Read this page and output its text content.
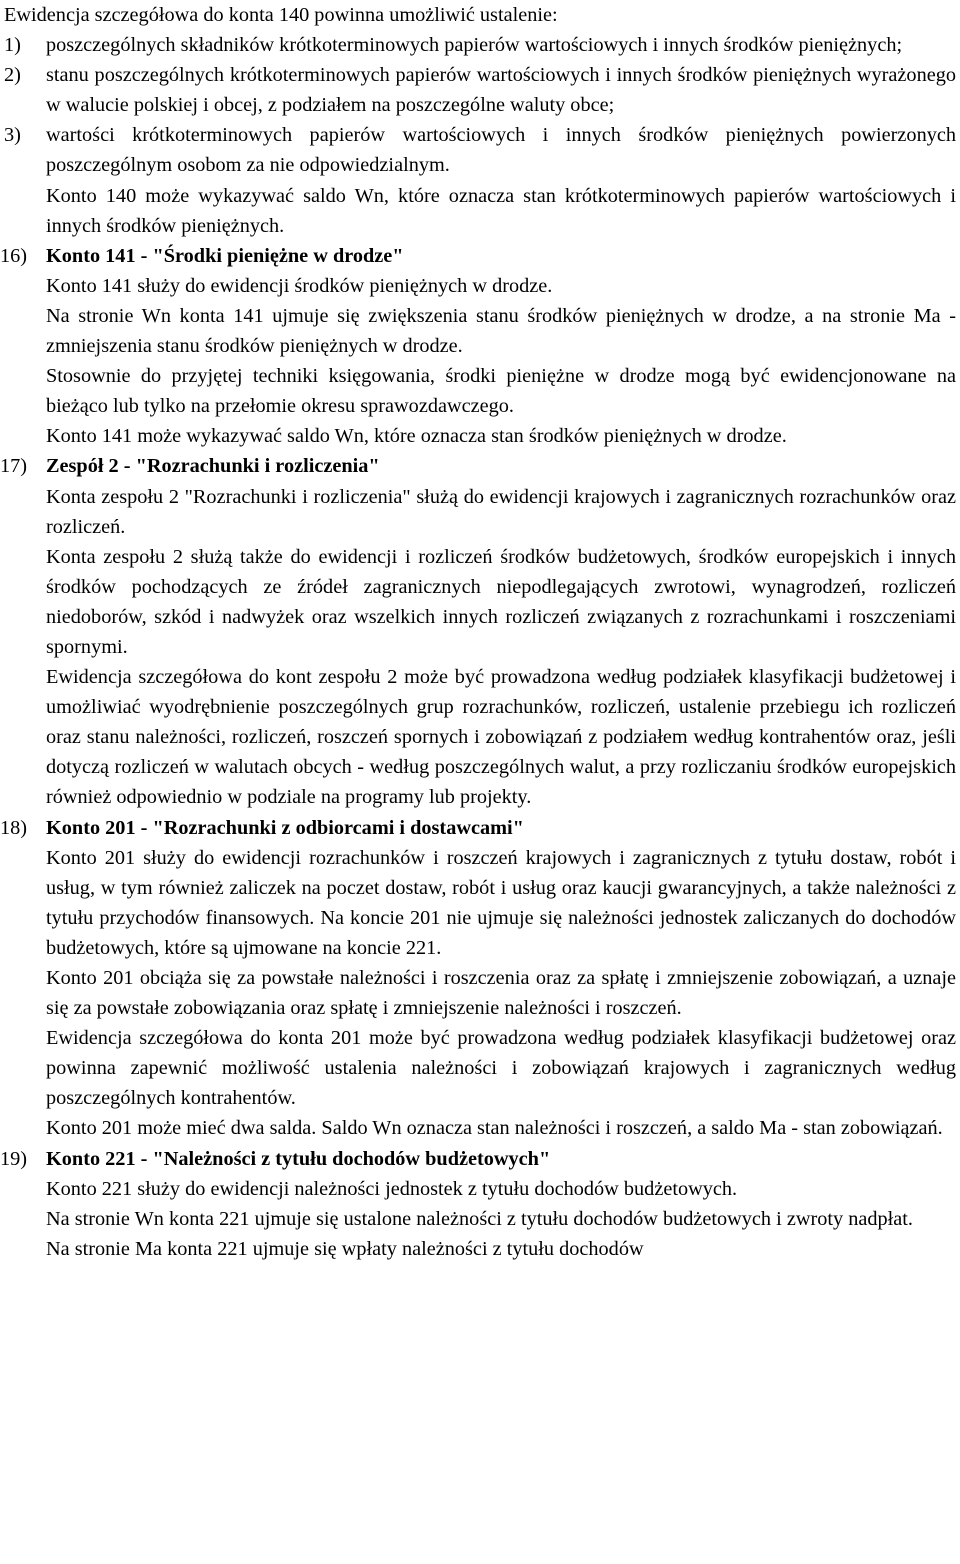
Ewidencja szczegółowa do konta 140 powinna umożliwić ustalenie:

1) poszczególnych składników krótkoterminowych papierów wartościowych i innych środków pieniężnych;

2) stanu poszczególnych krótkoterminowych papierów wartościowych i innych środków pieniężnych wyrażonego w walucie polskiej i obcej, z podziałem na poszczególne waluty obce;

3) wartości krótkoterminowych papierów wartościowych i innych środków pieniężnych powierzonych poszczególnym osobom za nie odpowiedzialnym.

Konto 140 może wykazywać saldo Wn, które oznacza stan krótkoterminowych papierów wartościowych i innych środków pieniężnych.

16) Konto 141 - "Środki pieniężne w drodze"

Konto 141 służy do ewidencji środków pieniężnych w drodze.

Na stronie Wn konta 141 ujmuje się zwiększenia stanu środków pieniężnych w drodze, a na stronie Ma - zmniejszenia stanu środków pieniężnych w drodze.

Stosownie do przyjętej techniki księgowania, środki pieniężne w drodze mogą być ewidencjonowane na bieżąco lub tylko na przełomie okresu sprawozdawczego.

Konto 141 może wykazywać saldo Wn, które oznacza stan środków pieniężnych w drodze.

17) Zespół 2 - "Rozrachunki i rozliczenia"

Konta zespołu 2 "Rozrachunki i rozliczenia" służą do ewidencji krajowych i zagranicznych rozrachunków oraz rozliczeń.

Konta zespołu 2 służą także do ewidencji i rozliczeń środków budżetowych, środków europejskich i innych środków pochodzących ze źródeł zagranicznych niepodlegających zwrotowi, wynagrodzeń, rozliczeń niedoborów, szkód i nadwyżek oraz wszelkich innych rozliczeń związanych z rozrachunkami i roszczeniami spornymi.

Ewidencja szczegółowa do kont zespołu 2 może być prowadzona według podziałek klasyfikacji budżetowej i umożliwiać wyodrębnienie poszczególnych grup rozrachunków, rozliczeń, ustalenie przebiegu ich rozliczeń oraz stanu należności, rozliczeń, roszczeń spornych i zobowiązań z podziałem według kontrahentów oraz, jeśli dotyczą rozliczeń w walutach obcych - według poszczególnych walut, a przy rozliczaniu środków europejskich również odpowiednio w podziale na programy lub projekty.

18) Konto 201 - "Rozrachunki z odbiorcami i dostawcami"

Konto 201 służy do ewidencji rozrachunków i roszczeń krajowych i zagranicznych z tytułu dostaw, robót i usług, w tym również zaliczek na poczet dostaw, robót i usług oraz kaucji gwarancyjnych, a także należności z tytułu przychodów finansowych. Na koncie 201 nie ujmuje się należności jednostek zaliczanych do dochodów budżetowych, które są ujmowane na koncie 221.

Konto 201 obciąża się za powstałe należności i roszczenia oraz za spłatę i zmniejszenie zobowiązań, a uznaje się za powstałe zobowiązania oraz spłatę i zmniejszenie należności i roszczeń.

Ewidencja szczegółowa do konta 201 może być prowadzona według podziałek klasyfikacji budżetowej oraz powinna zapewnić możliwość ustalenia należności i zobowiązań krajowych i zagranicznych według poszczególnych kontrahentów.

Konto 201 może mieć dwa salda. Saldo Wn oznacza stan należności i roszczeń, a saldo Ma - stan zobowiązań.

19) Konto 221 - "Należności z tytułu dochodów budżetowych"

Konto 221 służy do ewidencji należności jednostek z tytułu dochodów budżetowych.

Na stronie Wn konta 221 ujmuje się ustalone należności z tytułu dochodów budżetowych i zwroty nadpłat.

Na stronie Ma konta 221 ujmuje się wpłaty należności z tytułu dochodów
